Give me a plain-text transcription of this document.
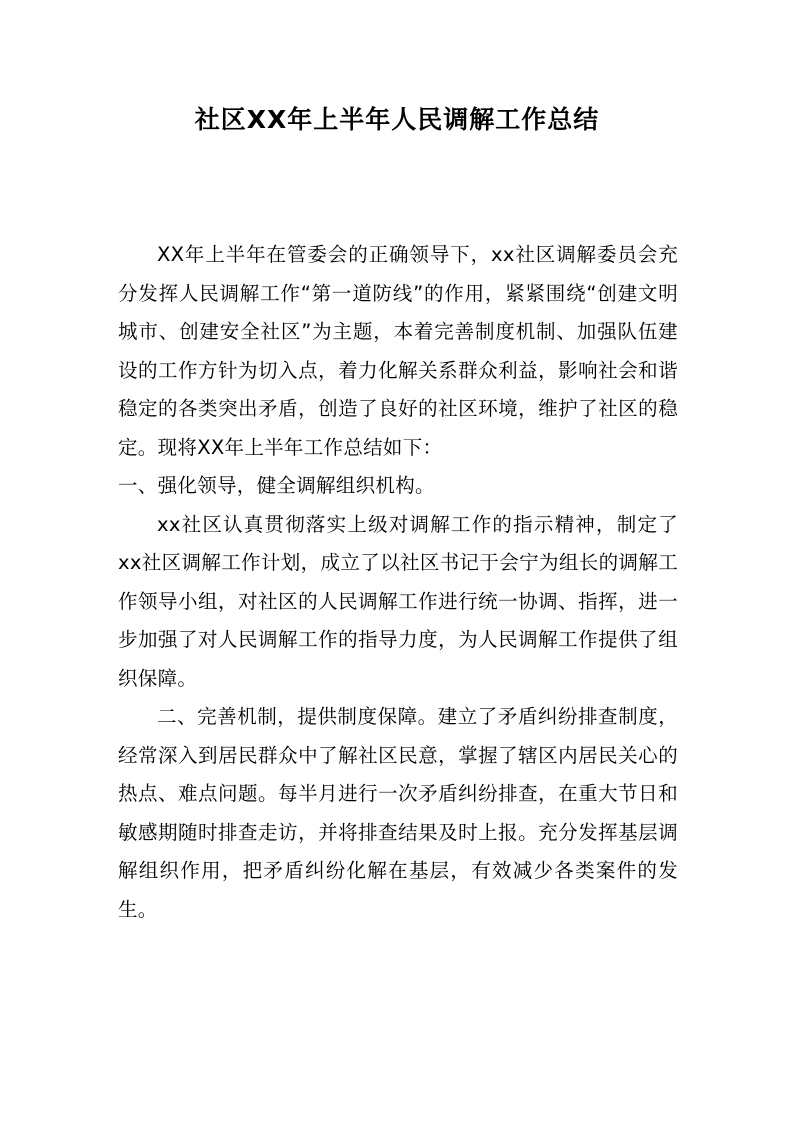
社区XX年上半年人民调解工作总结

XX年上半年在管委会的正确领导下，xx社区调解委员会充分发挥人民调解工作“第一道防线”的作用，紧紧围绕“创建文明城市、创建安全社区”为主题，本着完善制度机制、加强队伍建设的工作方针为切入点，着力化解关系群众利益，影响社会和谐稳定的各类突出矛盾，创造了良好的社区环境，维护了社区的稳定。现将XX年上半年工作总结如下：

一、强化领导，健全调解组织机构。

xx社区认真贯彻落实上级对调解工作的指示精神，制定了xx社区调解工作计划，成立了以社区书记于会宁为组长的调解工作领导小组，对社区的人民调解工作进行统一协调、指挥，进一步加强了对人民调解工作的指导力度，为人民调解工作提供了组织保障。

二、完善机制，提供制度保障。建立了矛盾纠纷排查制度，经常深入到居民群众中了解社区民意，掌握了辖区内居民关心的热点、难点问题。每半月进行一次矛盾纠纷排查，在重大节日和敏感期随时排查走访，并将排查结果及时上报。充分发挥基层调解组织作用，把矛盾纠纷化解在基层，有效减少各类案件的发生。
